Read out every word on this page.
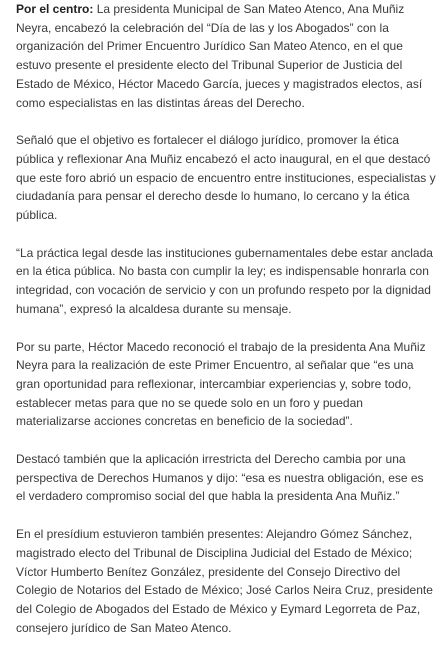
Por el centro: La presidenta Municipal de San Mateo Atenco, Ana Muñiz Neyra, encabezó la celebración del “Día de las y los Abogados” con la organización del Primer Encuentro Jurídico San Mateo Atenco, en el que estuvo presente el presidente electo del Tribunal Superior de Justicia del Estado de México, Héctor Macedo García, jueces y magistrados electos, así como especialistas en las distintas áreas del Derecho.

Señaló que el objetivo es fortalecer el diálogo jurídico, promover la ética pública y reflexionar Ana Muñiz encabezó el acto inaugural, en el que destacó que este foro abrió un espacio de encuentro entre instituciones, especialistas y ciudadanía para pensar el derecho desde lo humano, lo cercano y la ética pública.

“La práctica legal desde las instituciones gubernamentales debe estar anclada en la ética pública. No basta con cumplir la ley; es indispensable honrarla con integridad, con vocación de servicio y con un profundo respeto por la dignidad humana”, expresó la alcaldesa durante su mensaje.

Por su parte, Héctor Macedo reconoció el trabajo de la presidenta Ana Muñiz Neyra para la realización de este Primer Encuentro, al señalar que “es una gran oportunidad para reflexionar, intercambiar experiencias y, sobre todo, establecer metas para que no se quede solo en un foro y puedan materializarse acciones concretas en beneficio de la sociedad”.

Destacó también que la aplicación irrestricta del Derecho cambia por una perspectiva de Derechos Humanos y dijo: “esa es nuestra obligación, ese es el verdadero compromiso social del que habla la presidenta Ana Muñiz.”

En el presídium estuvieron también presentes: Alejandro Gómez Sánchez, magistrado electo del Tribunal de Disciplina Judicial del Estado de México; Víctor Humberto Benítez González, presidente del Consejo Directivo del Colegio de Notarios del Estado de México; José Carlos Neira Cruz, presidente del Colegio de Abogados del Estado de México y Eymard Legorreta de Paz, consejero jurídico de San Mateo Atenco.
